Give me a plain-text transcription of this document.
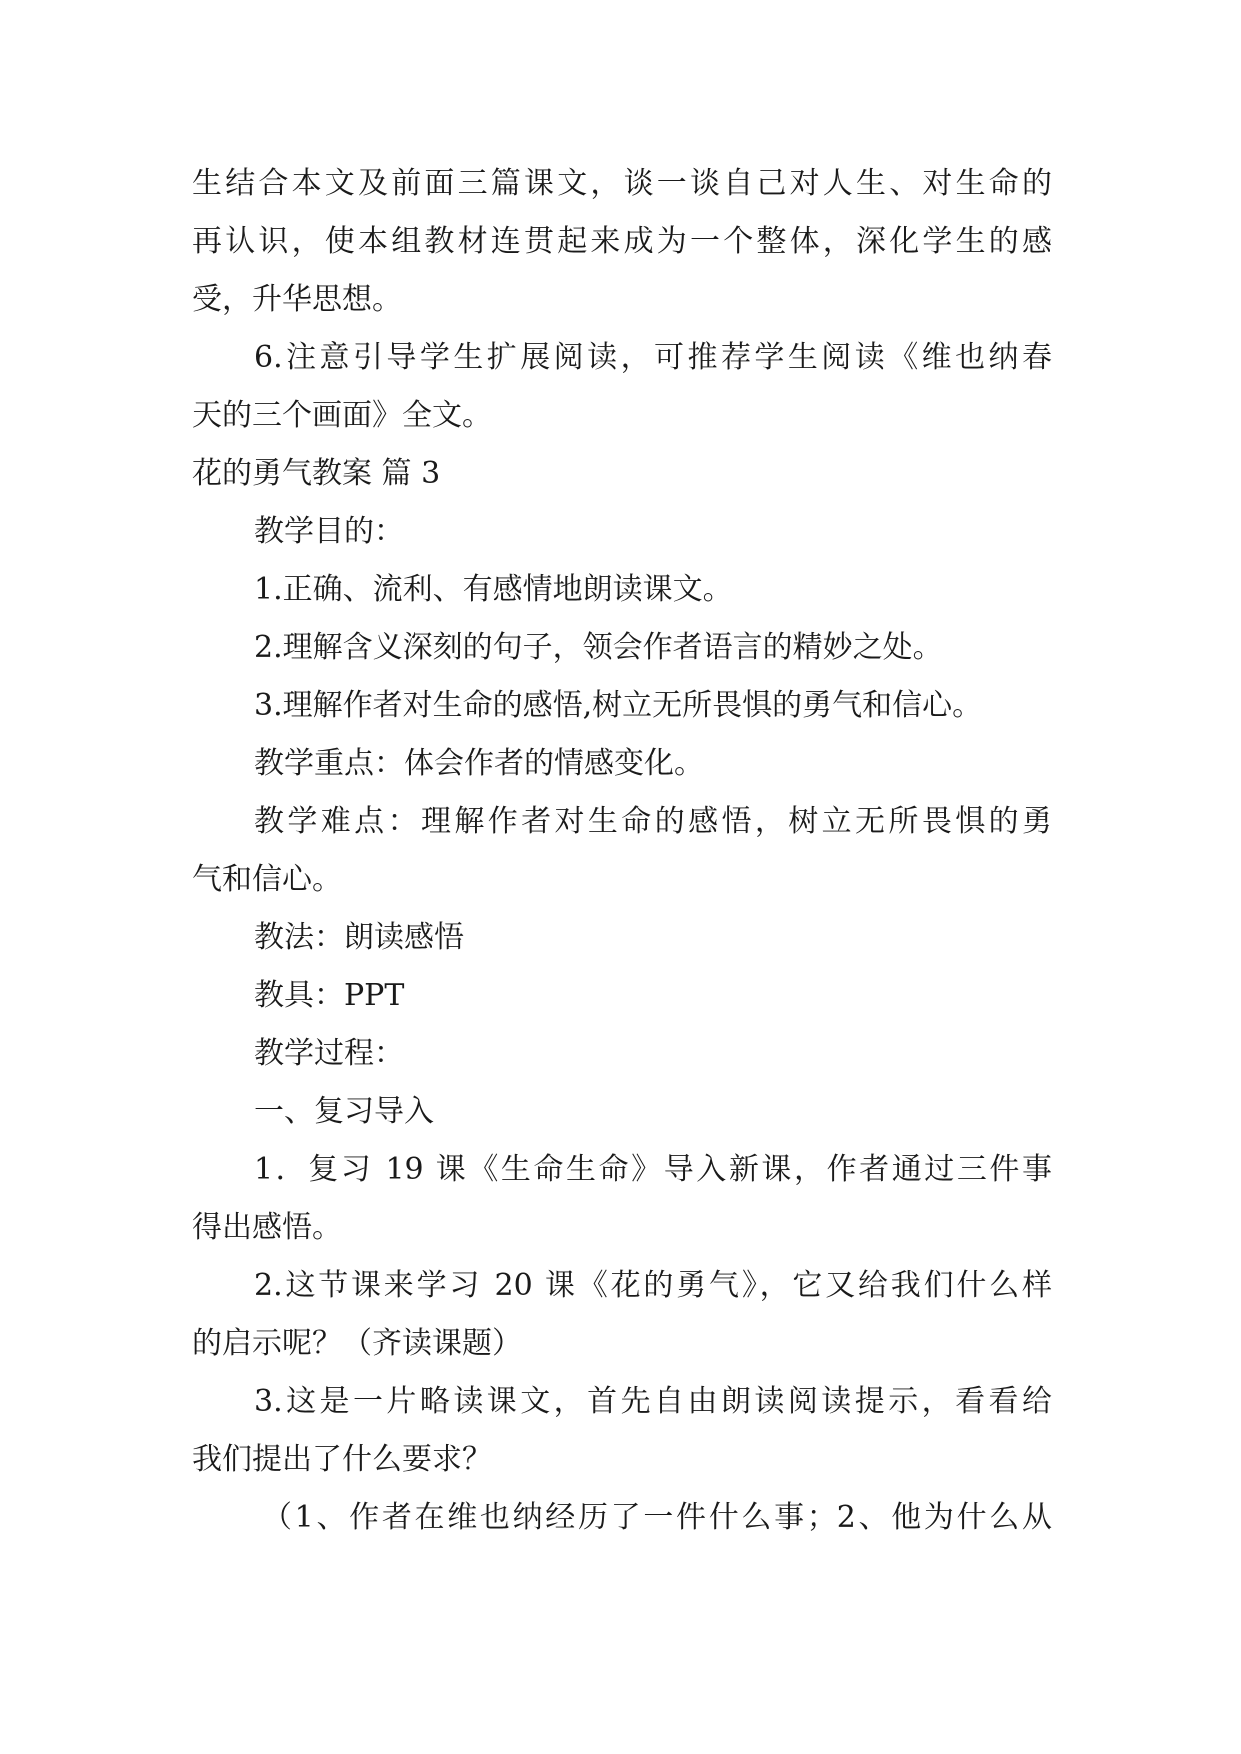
生结合本文及前面三篇课文，谈一谈自己对人生、对生命的
再认识，使本组教材连贯起来成为一个整体，深化学生的感
受，升华思想。
6.注意引导学生扩展阅读，可推荐学生阅读《维也纳春
天的三个画面》全文。
花的勇气教案 篇 3
教学目的：
1.正确、流利、有感情地朗读课文。
2.理解含义深刻的句子，领会作者语言的精妙之处。
3.理解作者对生命的感悟,树立无所畏惧的勇气和信心。
教学重点：体会作者的情感变化。
教学难点：理解作者对生命的感悟，树立无所畏惧的勇
气和信心。
教法：朗读感悟
教具：PPT
教学过程：
一、复习导入
1．复习 19 课《生命生命》导入新课，作者通过三件事
得出感悟。
2.这节课来学习 20 课《花的勇气》，它又给我们什么样
的启示呢？（齐读课题）
3.这是一片略读课文，首先自由朗读阅读提示，看看给
我们提出了什么要求？
（1、作者在维也纳经历了一件什么事；2、他为什么从
